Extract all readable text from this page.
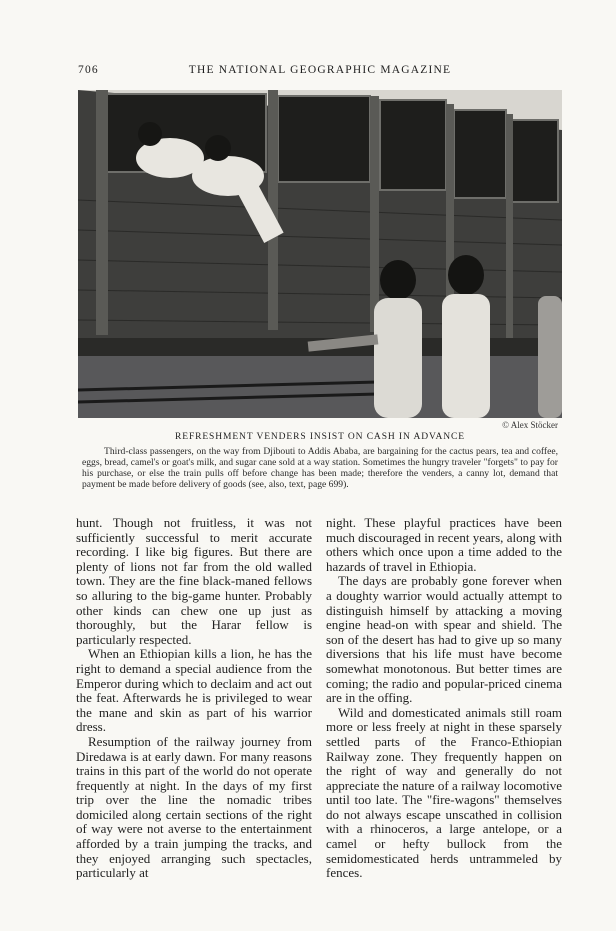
706	THE NATIONAL GEOGRAPHIC MAGAZINE
© Alex Stöcker
REFRESHMENT VENDERS INSIST ON CASH IN ADVANCE
Third-class passengers, on the way from Djibouti to Addis Ababa, are bargaining for the cactus pears, tea and coffee, eggs, bread, camel's or goat's milk, and sugar cane sold at a way station. Sometimes the hungry traveler "forgets" to pay for his purchase, or else the train pulls off before change has been made; therefore the venders, a canny lot, demand that payment be made before delivery of goods (see, also, text, page 699).

hunt. Though not fruitless, it was not sufficiently successful to merit accurate recording. I like big figures. But there are plenty of lions not far from the old walled town. They are the fine black-maned fellows so alluring to the big-game hunter. Probably other kinds can chew one up just as thoroughly, but the Harar fellow is particularly respected.

When an Ethiopian kills a lion, he has the right to demand a special audience from the Emperor during which to declaim and act out the feat. Afterwards he is privileged to wear the mane and skin as part of his warrior dress.

Resumption of the railway journey from Diredawa is at early dawn. For many reasons trains in this part of the world do not operate frequently at night. In the days of my first trip over the line the nomadic tribes domiciled along certain sections of the right of way were not averse to the entertainment afforded by a train jumping the tracks, and they enjoyed arranging such spectacles, particularly at

night. These playful practices have been much discouraged in recent years, along with others which once upon a time added to the hazards of travel in Ethiopia.

The days are probably gone forever when a doughty warrior would actually attempt to distinguish himself by attacking a moving engine head-on with spear and shield. The son of the desert has had to give up so many diversions that his life must have become somewhat monotonous. But better times are coming; the radio and popular-priced cinema are in the offing.

Wild and domesticated animals still roam more or less freely at night in these sparsely settled parts of the Franco-Ethiopian Railway zone. They frequently happen on the right of way and generally do not appreciate the nature of a railway locomotive until too late. The "fire-wagons" themselves do not always escape unscathed in collision with a rhinoceros, a large antelope, or a camel or hefty bullock from the semidomesticated herds untrammeled by fences.
